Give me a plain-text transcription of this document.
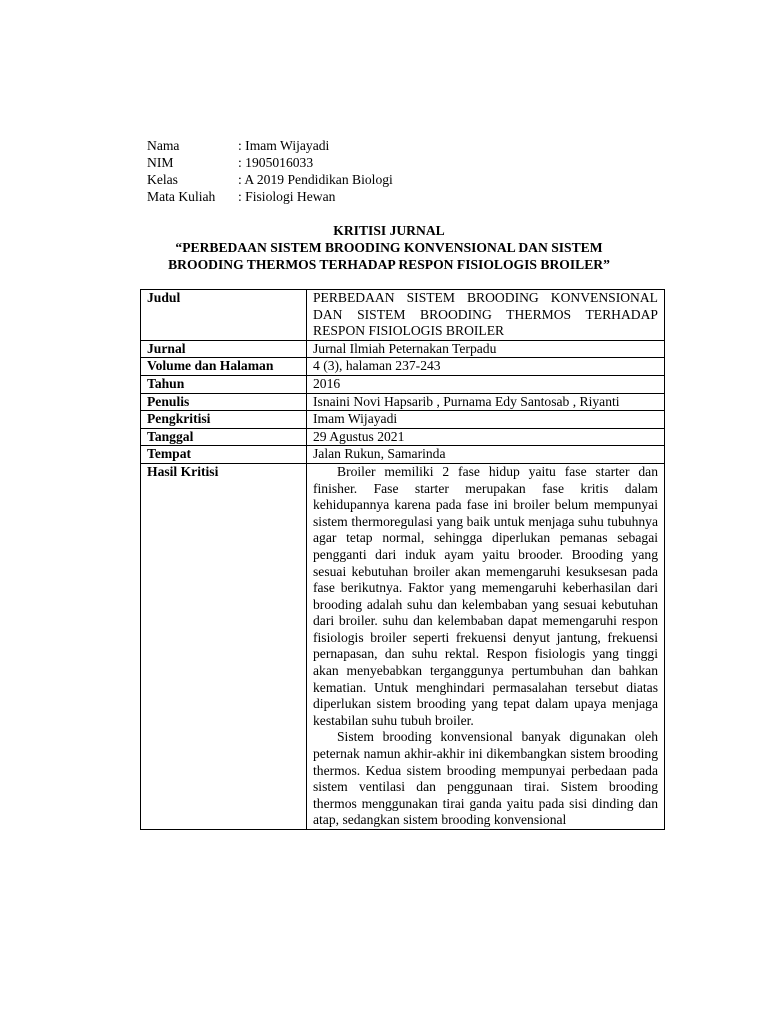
Nama	: Imam Wijayadi
NIM	: 1905016033
Kelas	: A 2019 Pendidikan Biologi
Mata Kuliah	: Fisiologi Hewan
KRITISI JURNAL
“PERBEDAAN SISTEM BROODING KONVENSIONAL DAN SISTEM
BROODING THERMOS TERHADAP RESPON FISIOLOGIS BROILER”
Judul	PERBEDAAN SISTEM BROODING KONVENSIONAL DAN SISTEM BROODING THERMOS TERHADAP RESPON FISIOLOGIS BROILER
Jurnal	Jurnal Ilmiah Peternakan Terpadu
Volume dan Halaman	4 (3), halaman 237-243
Tahun	2016
Penulis	Isnaini Novi Hapsarib , Purnama Edy Santosab , Riyanti
Pengkritisi	Imam Wijayadi
Tanggal	29 Agustus 2021
Tempat	Jalan Rukun, Samarinda
Hasil Kritisi	Broiler memiliki 2 fase hidup yaitu fase starter dan finisher. Fase starter merupakan fase kritis dalam kehidupannya karena pada fase ini broiler belum mempunyai sistem thermoregulasi yang baik untuk menjaga suhu tubuhnya agar tetap normal, sehingga diperlukan pemanas sebagai pengganti dari induk ayam yaitu brooder. Brooding yang sesuai kebutuhan broiler akan memengaruhi kesuksesan pada fase berikutnya. Faktor yang memengaruhi keberhasilan dari brooding adalah suhu dan kelembaban yang sesuai kebutuhan dari broiler. suhu dan kelembaban dapat memengaruhi respon fisiologis broiler seperti frekuensi denyut jantung, frekuensi pernapasan, dan suhu rektal. Respon fisiologis yang tinggi akan menyebabkan terganggunya pertumbuhan dan bahkan kematian. Untuk menghindari permasalahan tersebut diatas diperlukan sistem brooding yang tepat dalam upaya menjaga kestabilan suhu tubuh broiler.
Sistem brooding konvensional banyak digunakan oleh peternak namun akhir-akhir ini dikembangkan sistem brooding thermos. Kedua sistem brooding mempunyai perbedaan pada sistem ventilasi dan penggunaan tirai. Sistem brooding thermos menggunakan tirai ganda yaitu pada sisi dinding dan atap, sedangkan sistem brooding konvensional
